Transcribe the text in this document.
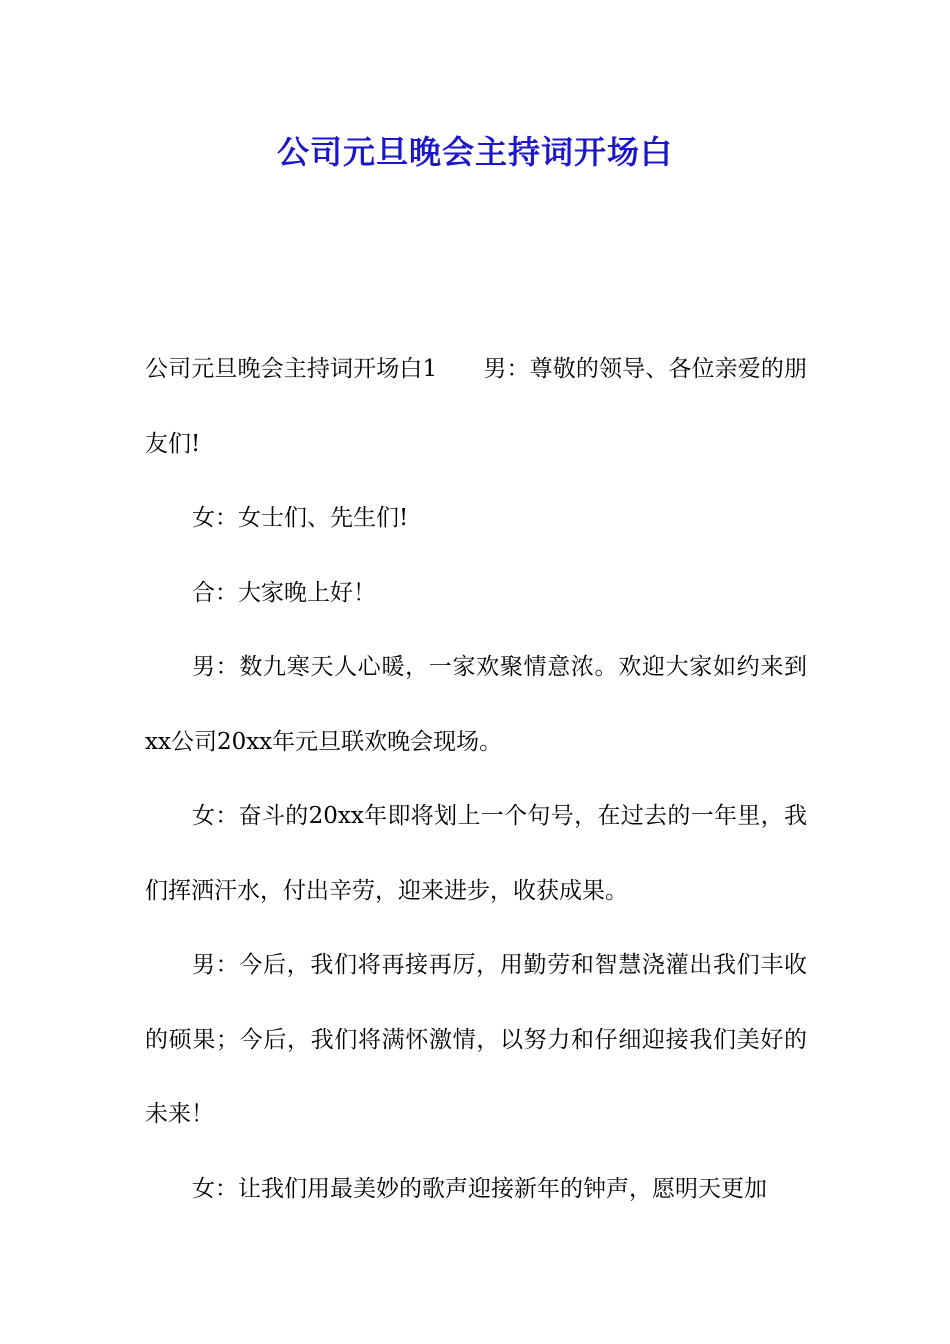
公司元旦晚会主持词开场白

公司元旦晚会主持词开场白1　　男：尊敬的领导、各位亲爱的朋友们!

女：女士们、先生们!

合：大家晚上好！

男：数九寒天人心暖，一家欢聚情意浓。欢迎大家如约来到xx公司20xx年元旦联欢晚会现场。

女：奋斗的20xx年即将划上一个句号，在过去的一年里，我们挥洒汗水，付出辛劳，迎来进步，收获成果。

男：今后，我们将再接再厉，用勤劳和智慧浇灌出我们丰收的硕果；今后，我们将满怀激情，以努力和仔细迎接我们美好的未来！

女：让我们用最美妙的歌声迎接新年的钟声，愿明天更加
